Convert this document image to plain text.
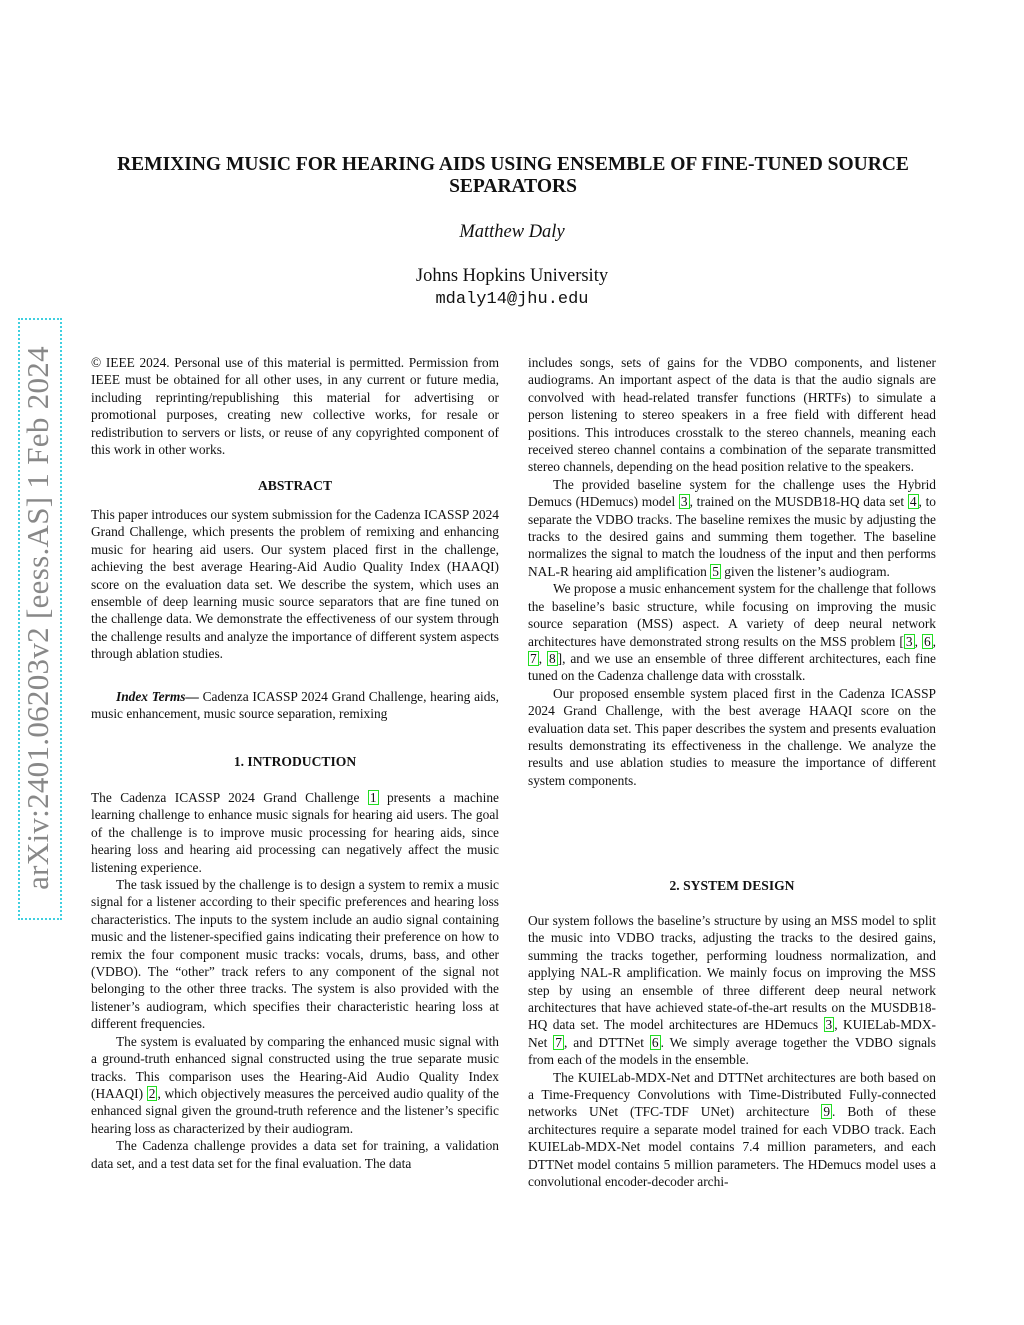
REMIXING MUSIC FOR HEARING AIDS USING ENSEMBLE OF FINE-TUNED SOURCE SEPARATORS
Matthew Daly
Johns Hopkins University
mdaly14@jhu.edu
arXiv:2401.06203v2 [eess.AS] 1 Feb 2024	© IEEE 2024. Personal use of this material is permitted. Permission from IEEE must be obtained for all other uses, in any current or future media, including reprinting/republishing this material for advertising or promotional purposes, creating new collective works, for resale or redistribution to servers or lists, or reuse of any copyrighted component of this work in other works.

ABSTRACT

This paper introduces our system submission for the Cadenza ICASSP 2024 Grand Challenge, which presents the problem of remixing and enhancing music for hearing aid users. Our system placed first in the challenge, achieving the best average Hearing-Aid Audio Quality Index (HAAQI) score on the evaluation data set. We describe the system, which uses an ensemble of deep learning music source separators that are fine tuned on the challenge data. We demonstrate the effectiveness of our system through the challenge results and analyze the importance of different system aspects through ablation studies.

Index Terms— Cadenza ICASSP 2024 Grand Challenge, hearing aids, music enhancement, music source separation, remixing
1. INTRODUCTION

The Cadenza ICASSP 2024 Grand Challenge 1 presents a machine learning challenge to enhance music signals for hearing aid users. The goal of the challenge is to improve music processing for hearing aids, since hearing loss and hearing aid processing can negatively affect the music listening experience.

The task issued by the challenge is to design a system to remix a music signal for a listener according to their specific preferences and hearing loss characteristics. The inputs to the system include an audio signal containing music and the listener-specified gains indicating their preference on how to remix the four component music tracks: vocals, drums, bass, and other (VDBO). The “other” track refers to any component of the signal not belonging to the other three tracks. The system is also provided with the listener’s audiogram, which specifies their characteristic hearing loss at different frequencies.

The system is evaluated by comparing the enhanced music signal with a ground-truth enhanced signal constructed using the true separate music tracks. This comparison uses the Hearing-Aid Audio Quality Index (HAAQI) 2 , which objectively measures the perceived audio quality of the enhanced signal given the ground-truth reference and the listener’s specific hearing loss as characterized by their audiogram.

The Cadenza challenge provides a data set for training, a validation data set, and a test data set for the final evaluation. The data

includes songs, sets of gains for the VDBO components, and listener audiograms. An important aspect of the data is that the audio signals are convolved with head-related transfer functions (HRTFs) to simulate a person listening to stereo speakers in a free field with different head positions. This introduces crosstalk to the stereo channels, meaning each received stereo channel contains a combination of the separate transmitted stereo channels, depending on the head position relative to the speakers.

The provided baseline system for the challenge uses the Hybrid Demucs (HDemucs) model 3 , trained on the MUSDB18-HQ data set 4 , to separate the VDBO tracks. The baseline remixes the music by adjusting the tracks to the desired gains and summing them together. The baseline normalizes the signal to match the loudness of the input and then performs NAL-R hearing aid amplification 5 given the listener’s audiogram.

We propose a music enhancement system for the challenge that follows the baseline’s basic structure, while focusing on improving the music source separation (MSS) aspect. A variety of deep neural network architectures have demonstrated strong results on the MSS problem [ 3 , 6 , 7 , 8 ], and we use an ensemble of three different architectures, each fine tuned on the Cadenza challenge data with crosstalk.

Our proposed ensemble system placed first in the Cadenza ICASSP 2024 Grand Challenge, with the best average HAAQI score on the evaluation data set. This paper describes the system and presents evaluation results demonstrating its effectiveness in the challenge. We analyze the results and use ablation studies to measure the importance of different system components.

2. SYSTEM DESIGN

Our system follows the baseline’s structure by using an MSS model to split the music into VDBO tracks, adjusting the tracks to the desired gains, summing the tracks together, performing loudness normalization, and applying NAL-R amplification. We mainly focus on improving the MSS step by using an ensemble of three different deep neural network architectures that have achieved state-of-the-art results on the MUSDB18-HQ data set. The model architectures are HDemucs 3 , KUIELab-MDX-Net 7 , and DTTNet 6 . We simply average together the VDBO signals from each of the models in the ensemble.

The KUIELab-MDX-Net and DTTNet architectures are both based on a Time-Frequency Convolutions with Time-Distributed Fully-connected networks UNet (TFC-TDF UNet) architecture 9 . Both of these architectures require a separate model trained for each VDBO track. Each KUIELab-MDX-Net model contains 7.4 million parameters, and each DTTNet model contains 5 million parameters. The HDemucs model uses a convolutional encoder-decoder archi-
